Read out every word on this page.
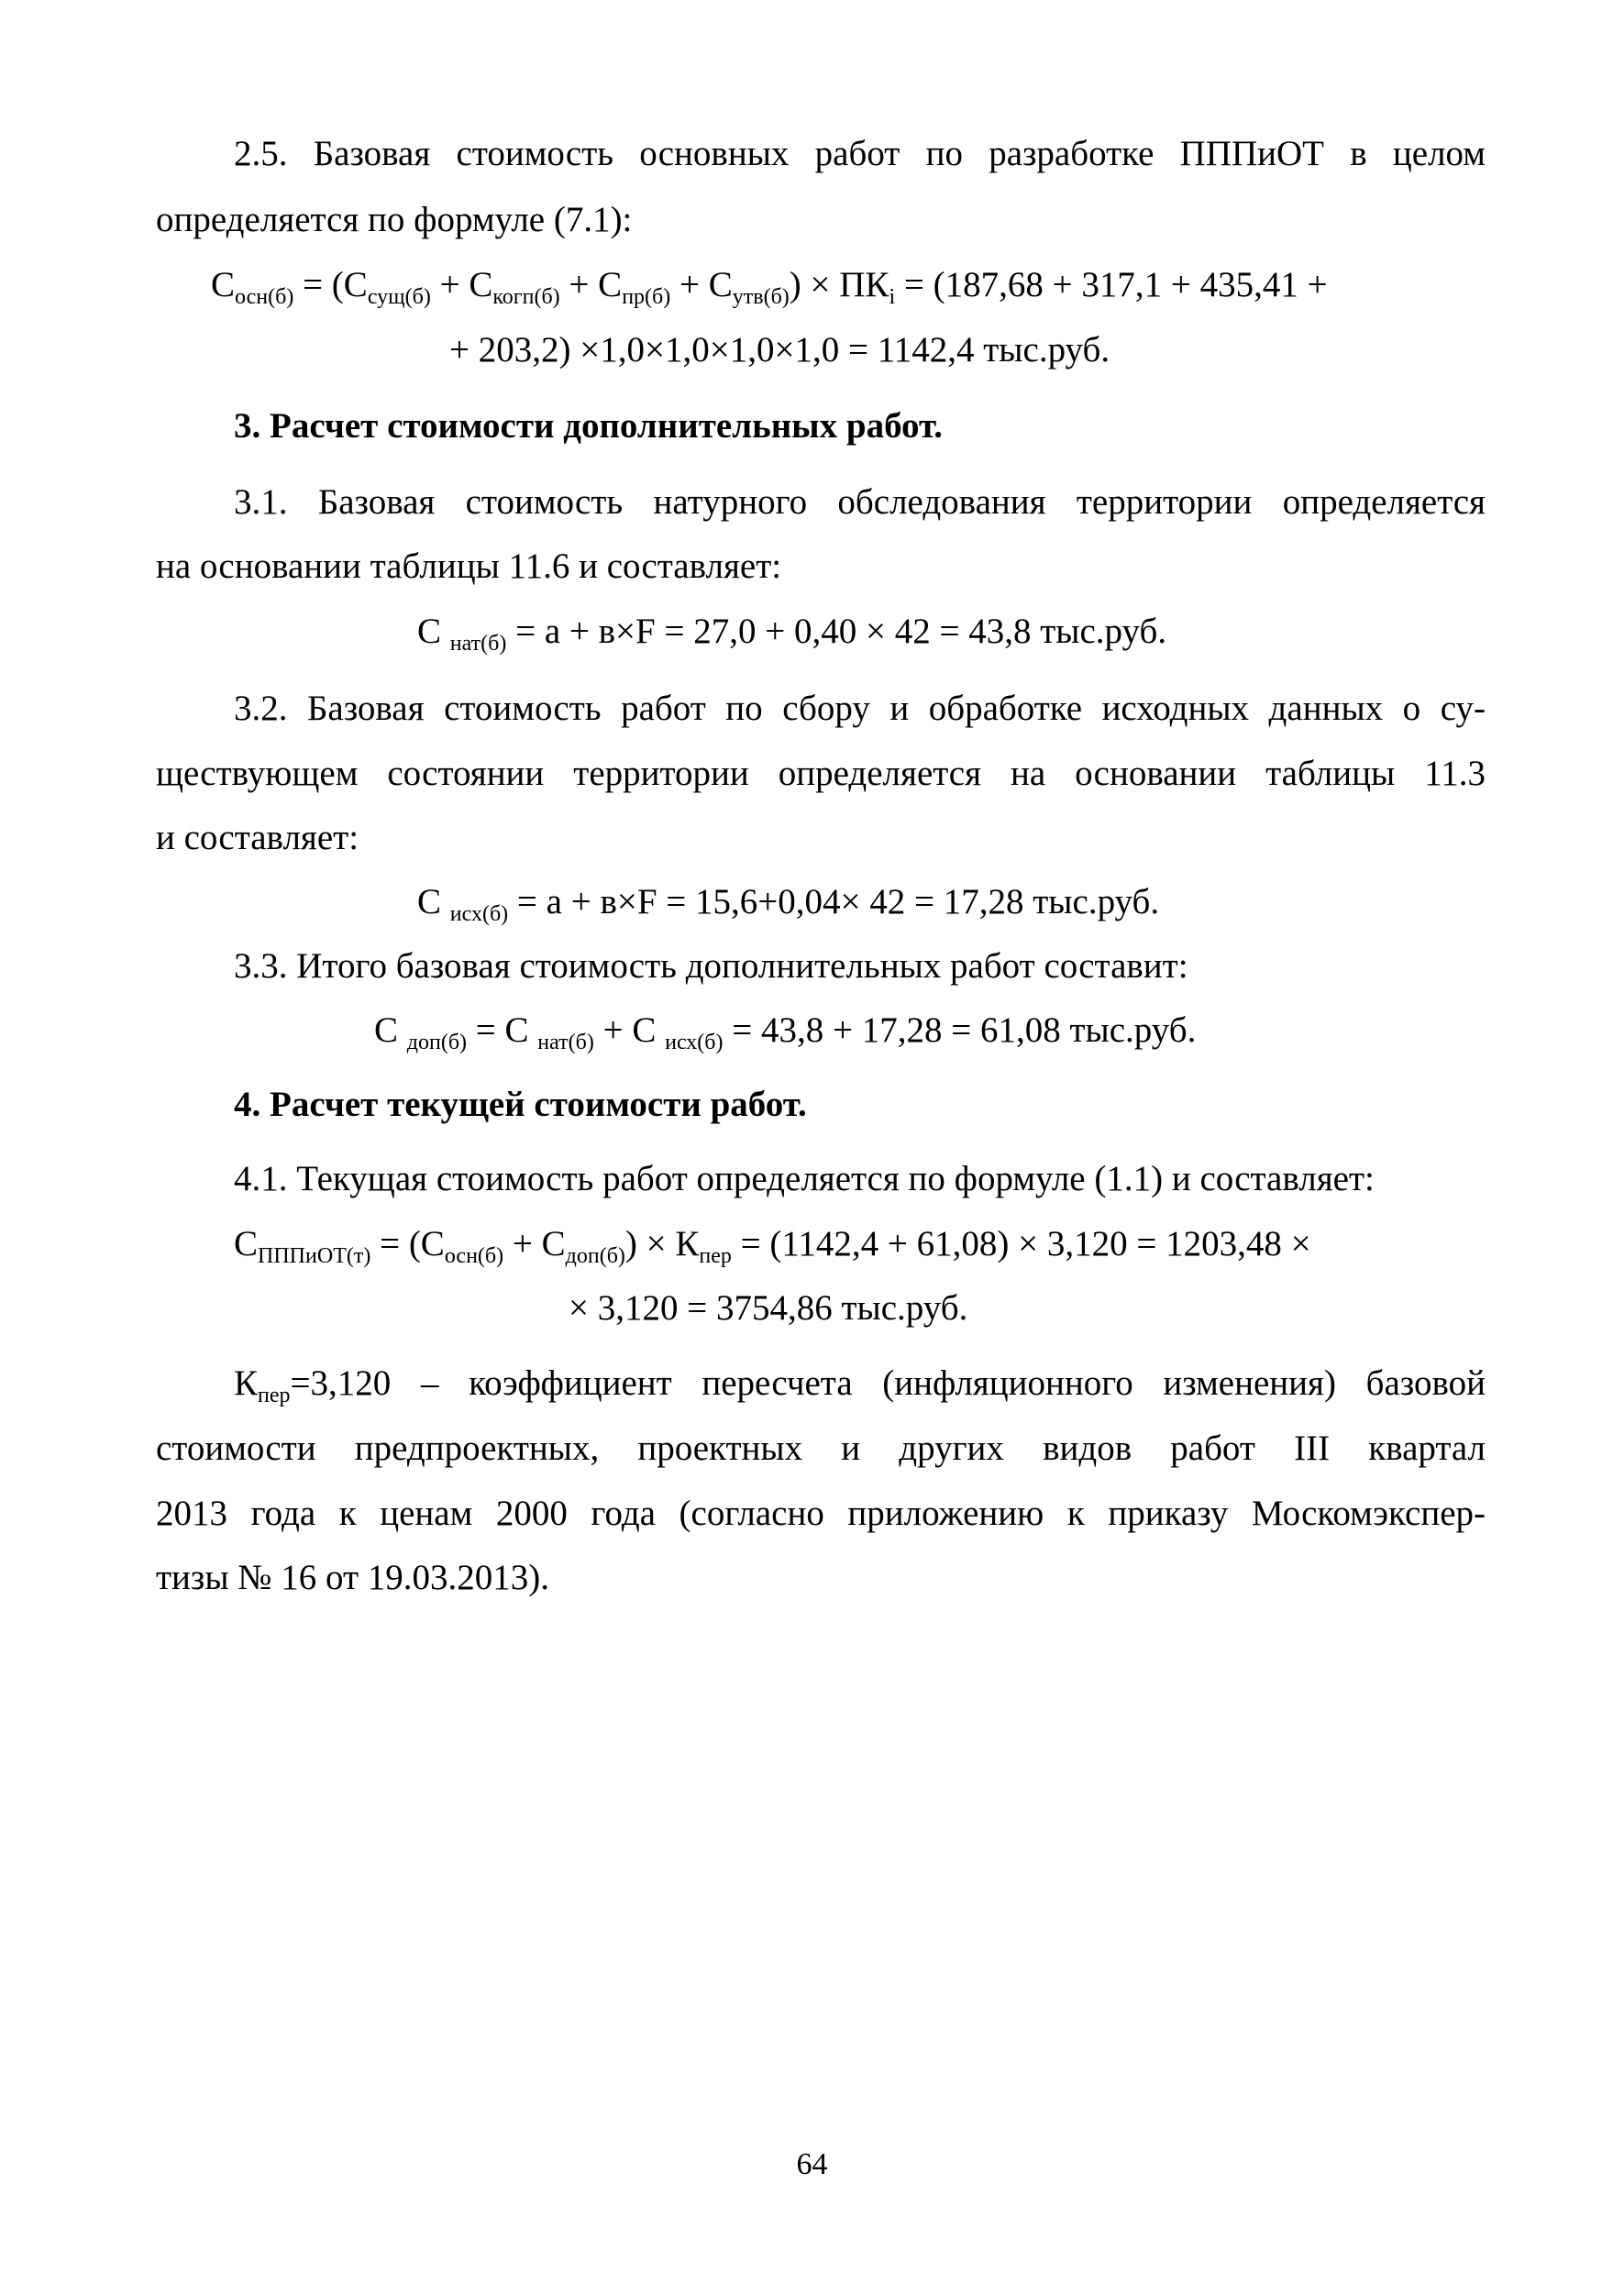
2.5. Базовая стоимость основных работ по разработке ПППиОТ в целом
определяется по формуле (7.1):
$С_{осн(б)} = (С_{сущ(б)} + С_{когп(б)} + С_{пр(б)} + С_{утв(б)}) \times ПК_i = (187,68 + 317,1 + 435,41$ +
+ 203,2) ×1,0×1,0×1,0×1,0 = 1142,4 тыс.руб.
3. Расчет стоимости дополнительных работ.
3.1. Базовая стоимость натурного обследования территории определяется
на основании таблицы 11.6 и составляет:
С $_{нат(б)}$ = а + в×F = 27,0 + 0,40 × 42 = 43,8 тыс.руб.
3.2. Базовая стоимость работ по сбору и обработке исходных данных о су-
ществующем состоянии территории определяется на основании таблицы 11.3
и составляет:
С $_{исх(б)}$ = а + в×F = 15,6+0,04× 42 = 17,28 тыс.руб.
3.3. Итого базовая стоимость дополнительных работ составит:
С $_{доп(б)}$ = С $_{нат(б)}$ + С $_{исх(б)}$ = 43,8 + 17,28 = 61,08 тыс.руб.
4. Расчет текущей стоимости работ.
4.1. Текущая стоимость работ определяется по формуле (1.1) и составляет:
$С_{ПППиОТ(т)} = (С_{осн(б)} + С_{доп(б)}) \times К_{пер} = (1142,4 + 61,08) \times 3,120 = 1203,48$ ×
× 3,120 = 3754,86 тыс.руб.
$К_{пер}=3,120$ – коэффициент пересчета (инфляционного изменения) базовой
стоимости предпроектных, проектных и других видов работ III квартал
2013 года к ценам 2000 года (согласно приложению к приказу Москомэкспер-
тизы № 16 от 19.03.2013).
64
